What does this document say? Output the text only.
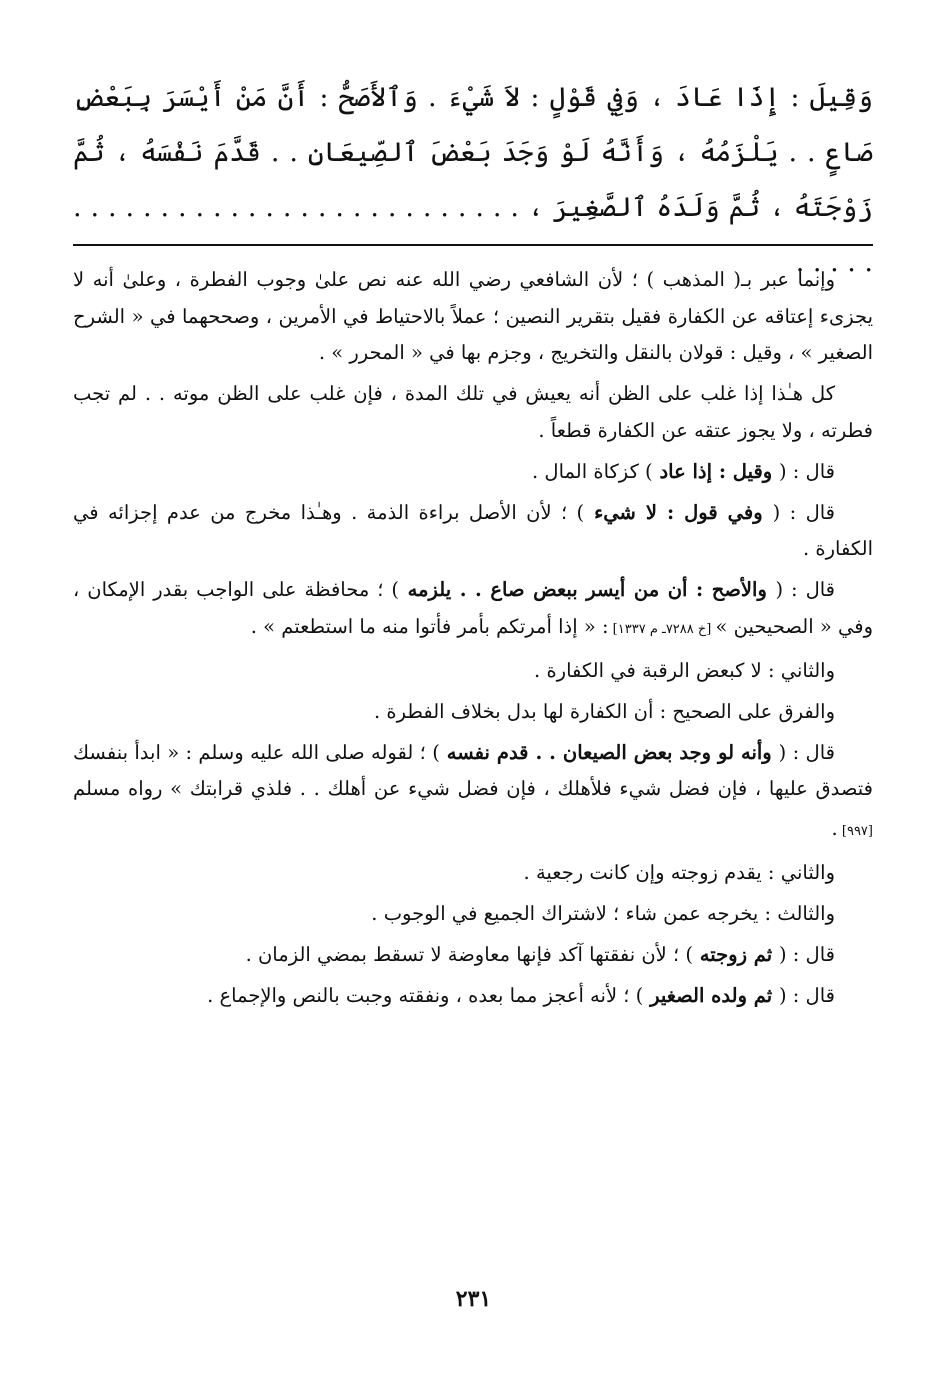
وَقِيلَ : إِذَا عَادَ ، وَفِي قَوْلٍ : لاَ شَيْءَ . وَٱلأَصَحُّ : أَنَّ مَنْ أَيْسَرَ بِبَعْضِ صَاعٍ . . يَلْزَمُهُ ، وَأَنَّهُ لَوْ وَجَدَ بَعْضَ ٱلصِّيعَانِ . . قَدَّمَ نَفْسَهُ ، ثُمَّ زَوْجَتَهُ ، ثُمَّ وَلَدَهُ ٱلصَّغِيرَ ، . . . . . . . . . . . . . . . . . . . . . . . . . . . . . . .

وإنما عبر بـ( المذهب ) ؛ لأن الشافعي رضي الله عنه نص علىٰ وجوب الفطرة ، وعلىٰ أنه لا يجزىء إعتاقه عن الكفارة فقيل بتقرير النصين ؛ عملاً بالاحتياط في الأمرين ، وصححهما في « الشرح الصغير » ، وقيل : قولان بالنقل والتخريج ، وجزم بها في « المحرر » .

كل هـٰذا إذا غلب على الظن أنه يعيش في تلك المدة ، فإن غلب على الظن موته . . لم تجب فطرته ، ولا يجوز عتقه عن الكفارة قطعاً .

قال : ( وقيل : إذا عاد ) كزكاة المال .

قال : ( وفي قول : لا شيء ) ؛ لأن الأصل براءة الذمة . وهـٰذا مخرج من عدم إجزائه في الكفارة .

قال : ( والأصح : أن من أيسر ببعض صاع . . يلزمه ) ؛ محافظة على الواجب بقدر الإمكان ، وفي « الصحيحين » [خ ٧٢٨٨ـ م ١٣٣٧] : « إذا أمرتكم بأمر فأتوا منه ما استطعتم » .

والثاني : لا كبعض الرقبة في الكفارة .

والفرق على الصحيح : أن الكفارة لها بدل بخلاف الفطرة .

قال : ( وأنه لو وجد بعض الصيعان . . قدم نفسه ) ؛ لقوله صلى الله عليه وسلم : « ابدأ بنفسك فتصدق عليها ، فإن فضل شيء فلأهلك ، فإن فضل شيء عن أهلك . . فلذي قرابتك » رواه مسلم [٩٩٧] .

والثاني : يقدم زوجته وإن كانت رجعية .

والثالث : يخرجه عمن شاء ؛ لاشتراك الجميع في الوجوب .

قال : ( ثم زوجته ) ؛ لأن نفقتها آكد فإنها معاوضة لا تسقط بمضي الزمان .

قال : ( ثم ولده الصغير ) ؛ لأنه أعجز مما بعده ، ونفقته وجبت بالنص والإجماع .

٢٣١
